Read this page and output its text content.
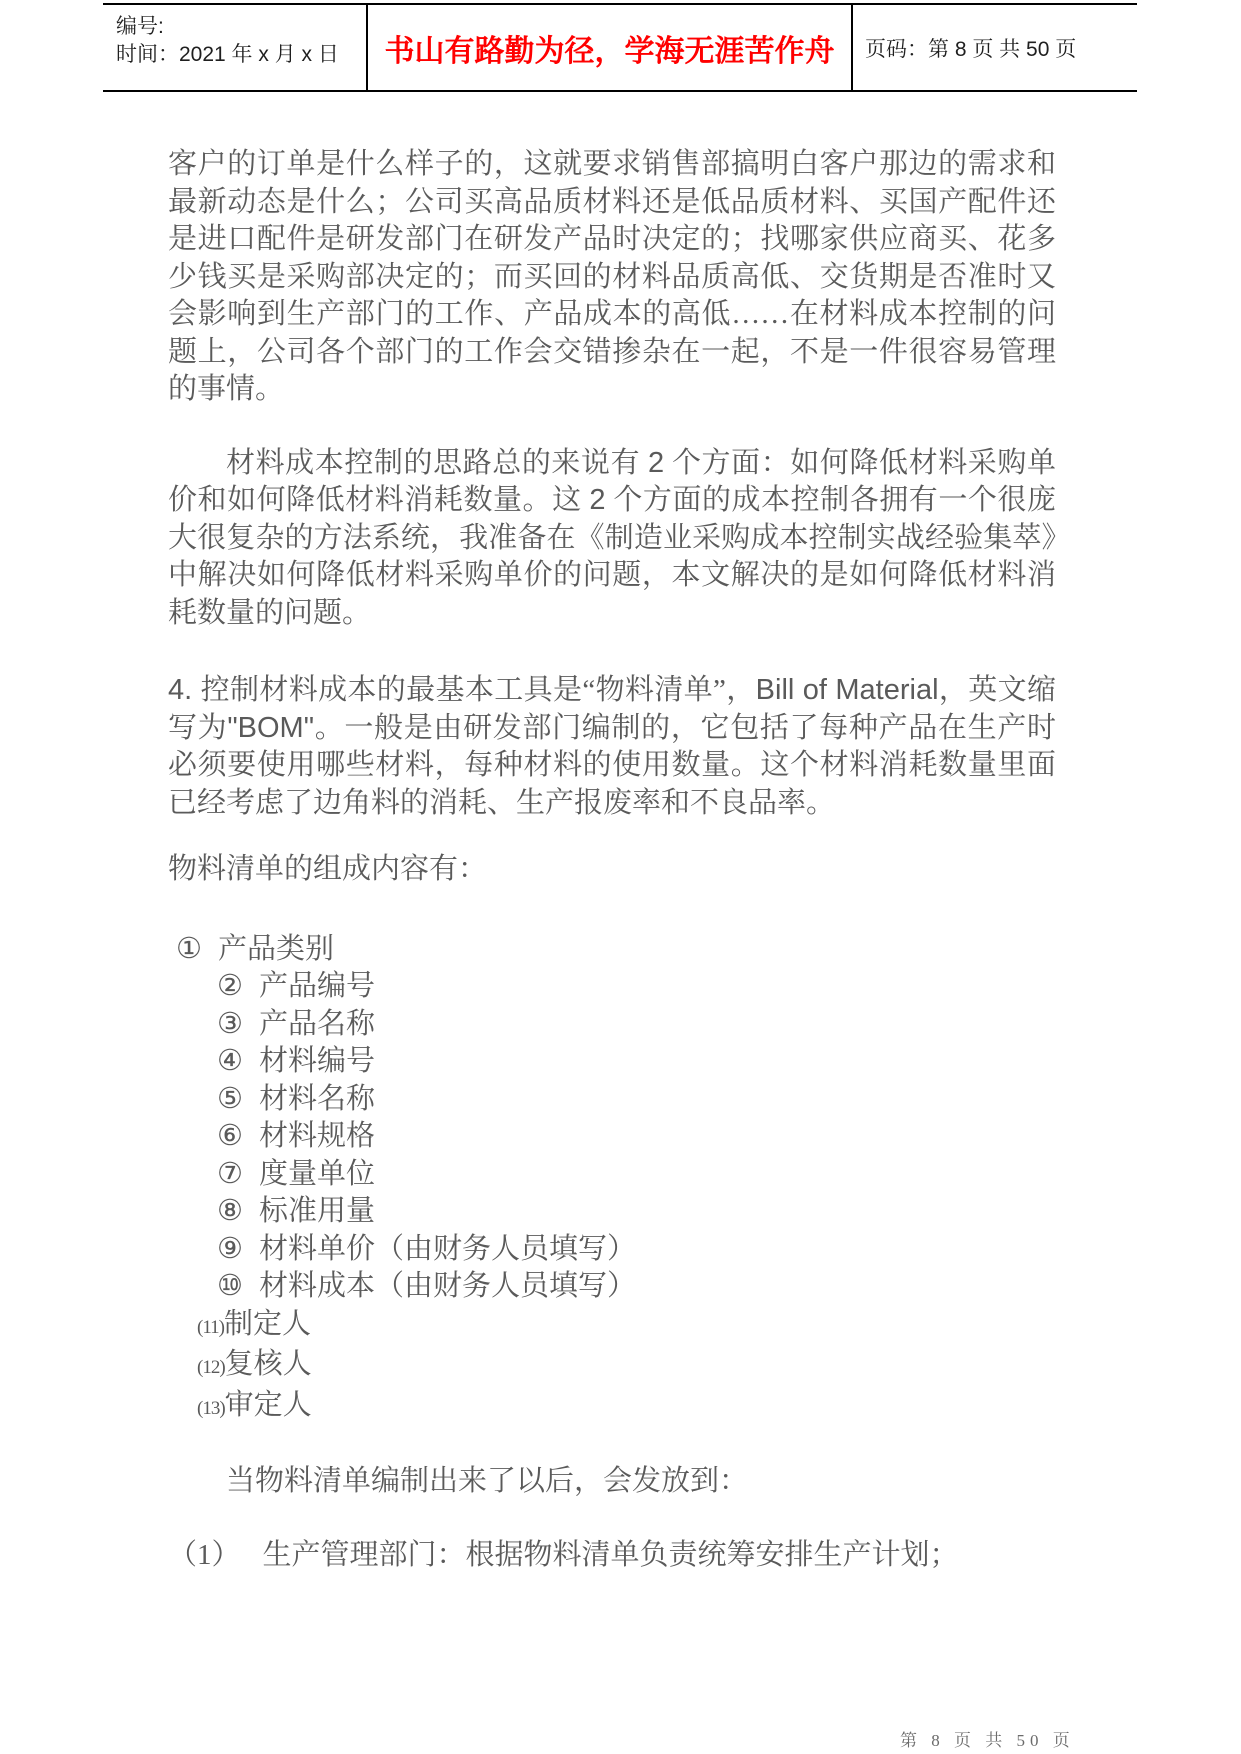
编号:
时间：2021 年 x 月 x 日	书山有路勤为径，学海无涯苦作舟 页码：第 8 页 共 50 页

客户的订单是什么样子的，这就要求销售部搞明白客户那边的需求和最新动态是什么；公司买高品质材料还是低品质材料、买国产配件还是进口配件是研发部门在研发产品时决定的；找哪家供应商买、花多少钱买是采购部决定的；而买回的材料品质高低、交货期是否准时又会影响到生产部门的工作、产品成本的高低……在材料成本控制的问题上，公司各个部门的工作会交错掺杂在一起，不是一件很容易管理的事情。

材料成本控制的思路总的来说有 2 个方面：如何降低材料采购单价和如何降低材料消耗数量。这 2 个方面的成本控制各拥有一个很庞大很复杂的方法系统，我准备在《制造业采购成本控制实战经验集萃》中解决如何降低材料采购单价的问题，本文解决的是如何降低材料消耗数量的问题。

4. 控制材料成本的最基本工具是“物料清单”，Bill of Material，英文缩写为"BOM"。一般是由研发部门编制的，它包括了每种产品在生产时必须要使用哪些材料，每种材料的使用数量。这个材料消耗数量里面已经考虑了边角料的消耗、生产报废率和不良品率。

物料清单的组成内容有：

① 产品类别
② 产品编号
③ 产品名称
④ 材料编号
⑤ 材料名称
⑥ 材料规格
⑦ 度量单位
⑧ 标准用量
⑨ 材料单价（由财务人员填写）
⑩ 材料成本（由财务人员填写）
(11)制定人
(12)复核人
(13)审定人

当物料清单编制出来了以后，会发放到：

（1） 生产管理部门：根据物料清单负责统筹安排生产计划；

第 8 页 共 50 页
